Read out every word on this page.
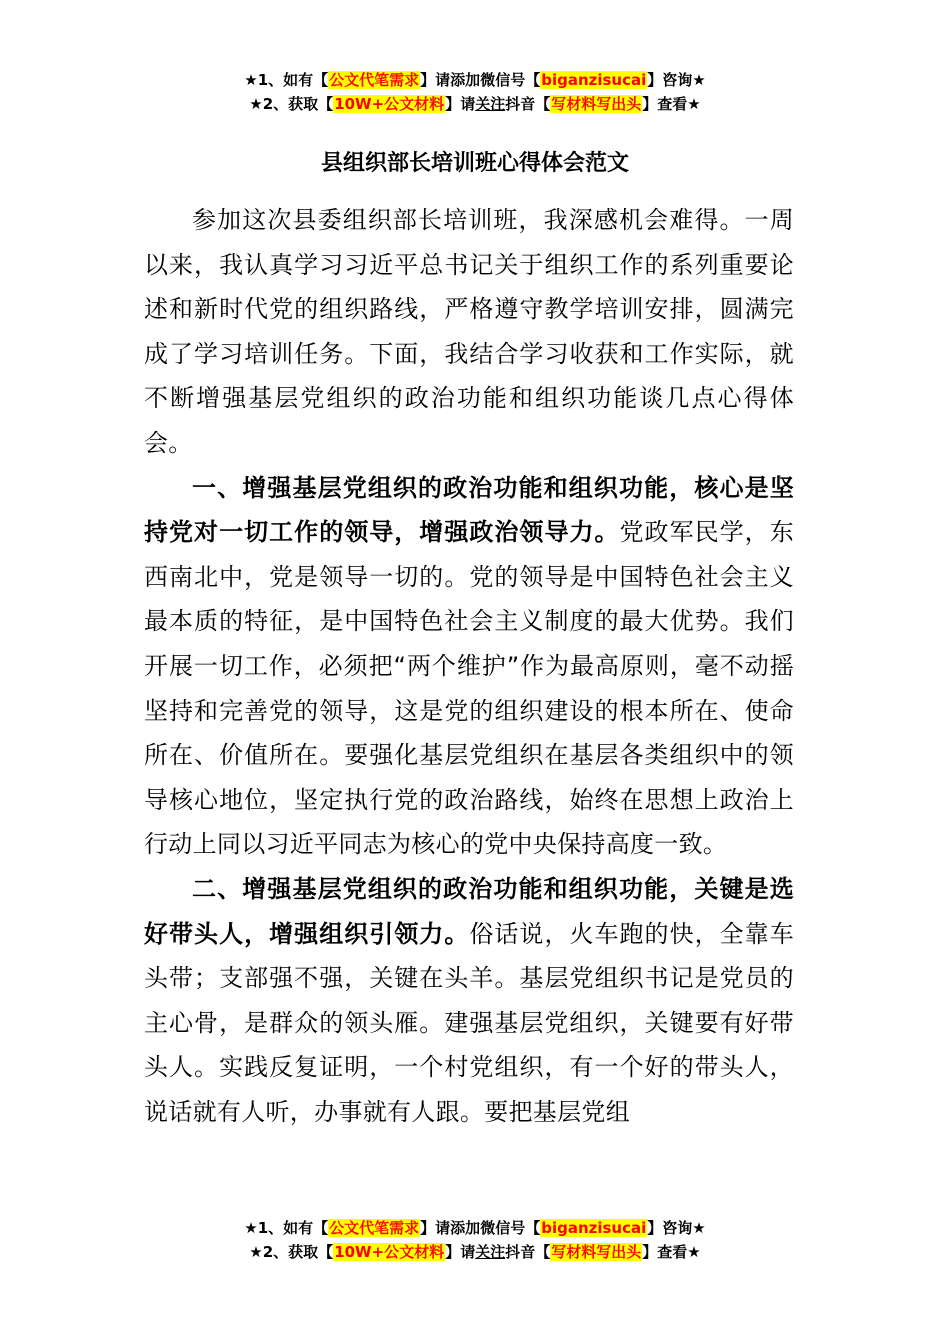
★1、如有【公文代笔需求】请添加微信号【biganzisucai】咨询★
★2、获取【10W+公文材料】请关注抖音【写材料写出头】查看★
县组织部长培训班心得体会范文

参加这次县委组织部长培训班，我深感机会难得。一周以来，我认真学习习近平总书记关于组织工作的系列重要论述和新时代党的组织路线，严格遵守教学培训安排，圆满完成了学习培训任务。下面，我结合学习收获和工作实际，就不断增强基层党组织的政治功能和组织功能谈几点心得体会。

一、增强基层党组织的政治功能和组织功能，核心是坚持党对一切工作的领导，增强政治领导力。党政军民学，东西南北中，党是领导一切的。党的领导是中国特色社会主义最本质的特征，是中国特色社会主义制度的最大优势。我们开展一切工作，必须把“两个维护”作为最高原则，毫不动摇坚持和完善党的领导，这是党的组织建设的根本所在、使命所在、价值所在。要强化基层党组织在基层各类组织中的领导核心地位，坚定执行党的政治路线，始终在思想上政治上行动上同以习近平同志为核心的党中央保持高度一致。

二、增强基层党组织的政治功能和组织功能，关键是选好带头人，增强组织引领力。俗话说，火车跑的快，全靠车头带；支部强不强，关键在头羊。基层党组织书记是党员的主心骨，是群众的领头雁。建强基层党组织，关键要有好带头人。实践反复证明，一个村党组织，有一个好的带头人，说话就有人听，办事就有人跟。要把基层党组

★1、如有【公文代笔需求】请添加微信号【biganzisucai】咨询★
★2、获取【10W+公文材料】请关注抖音【写材料写出头】查看★
